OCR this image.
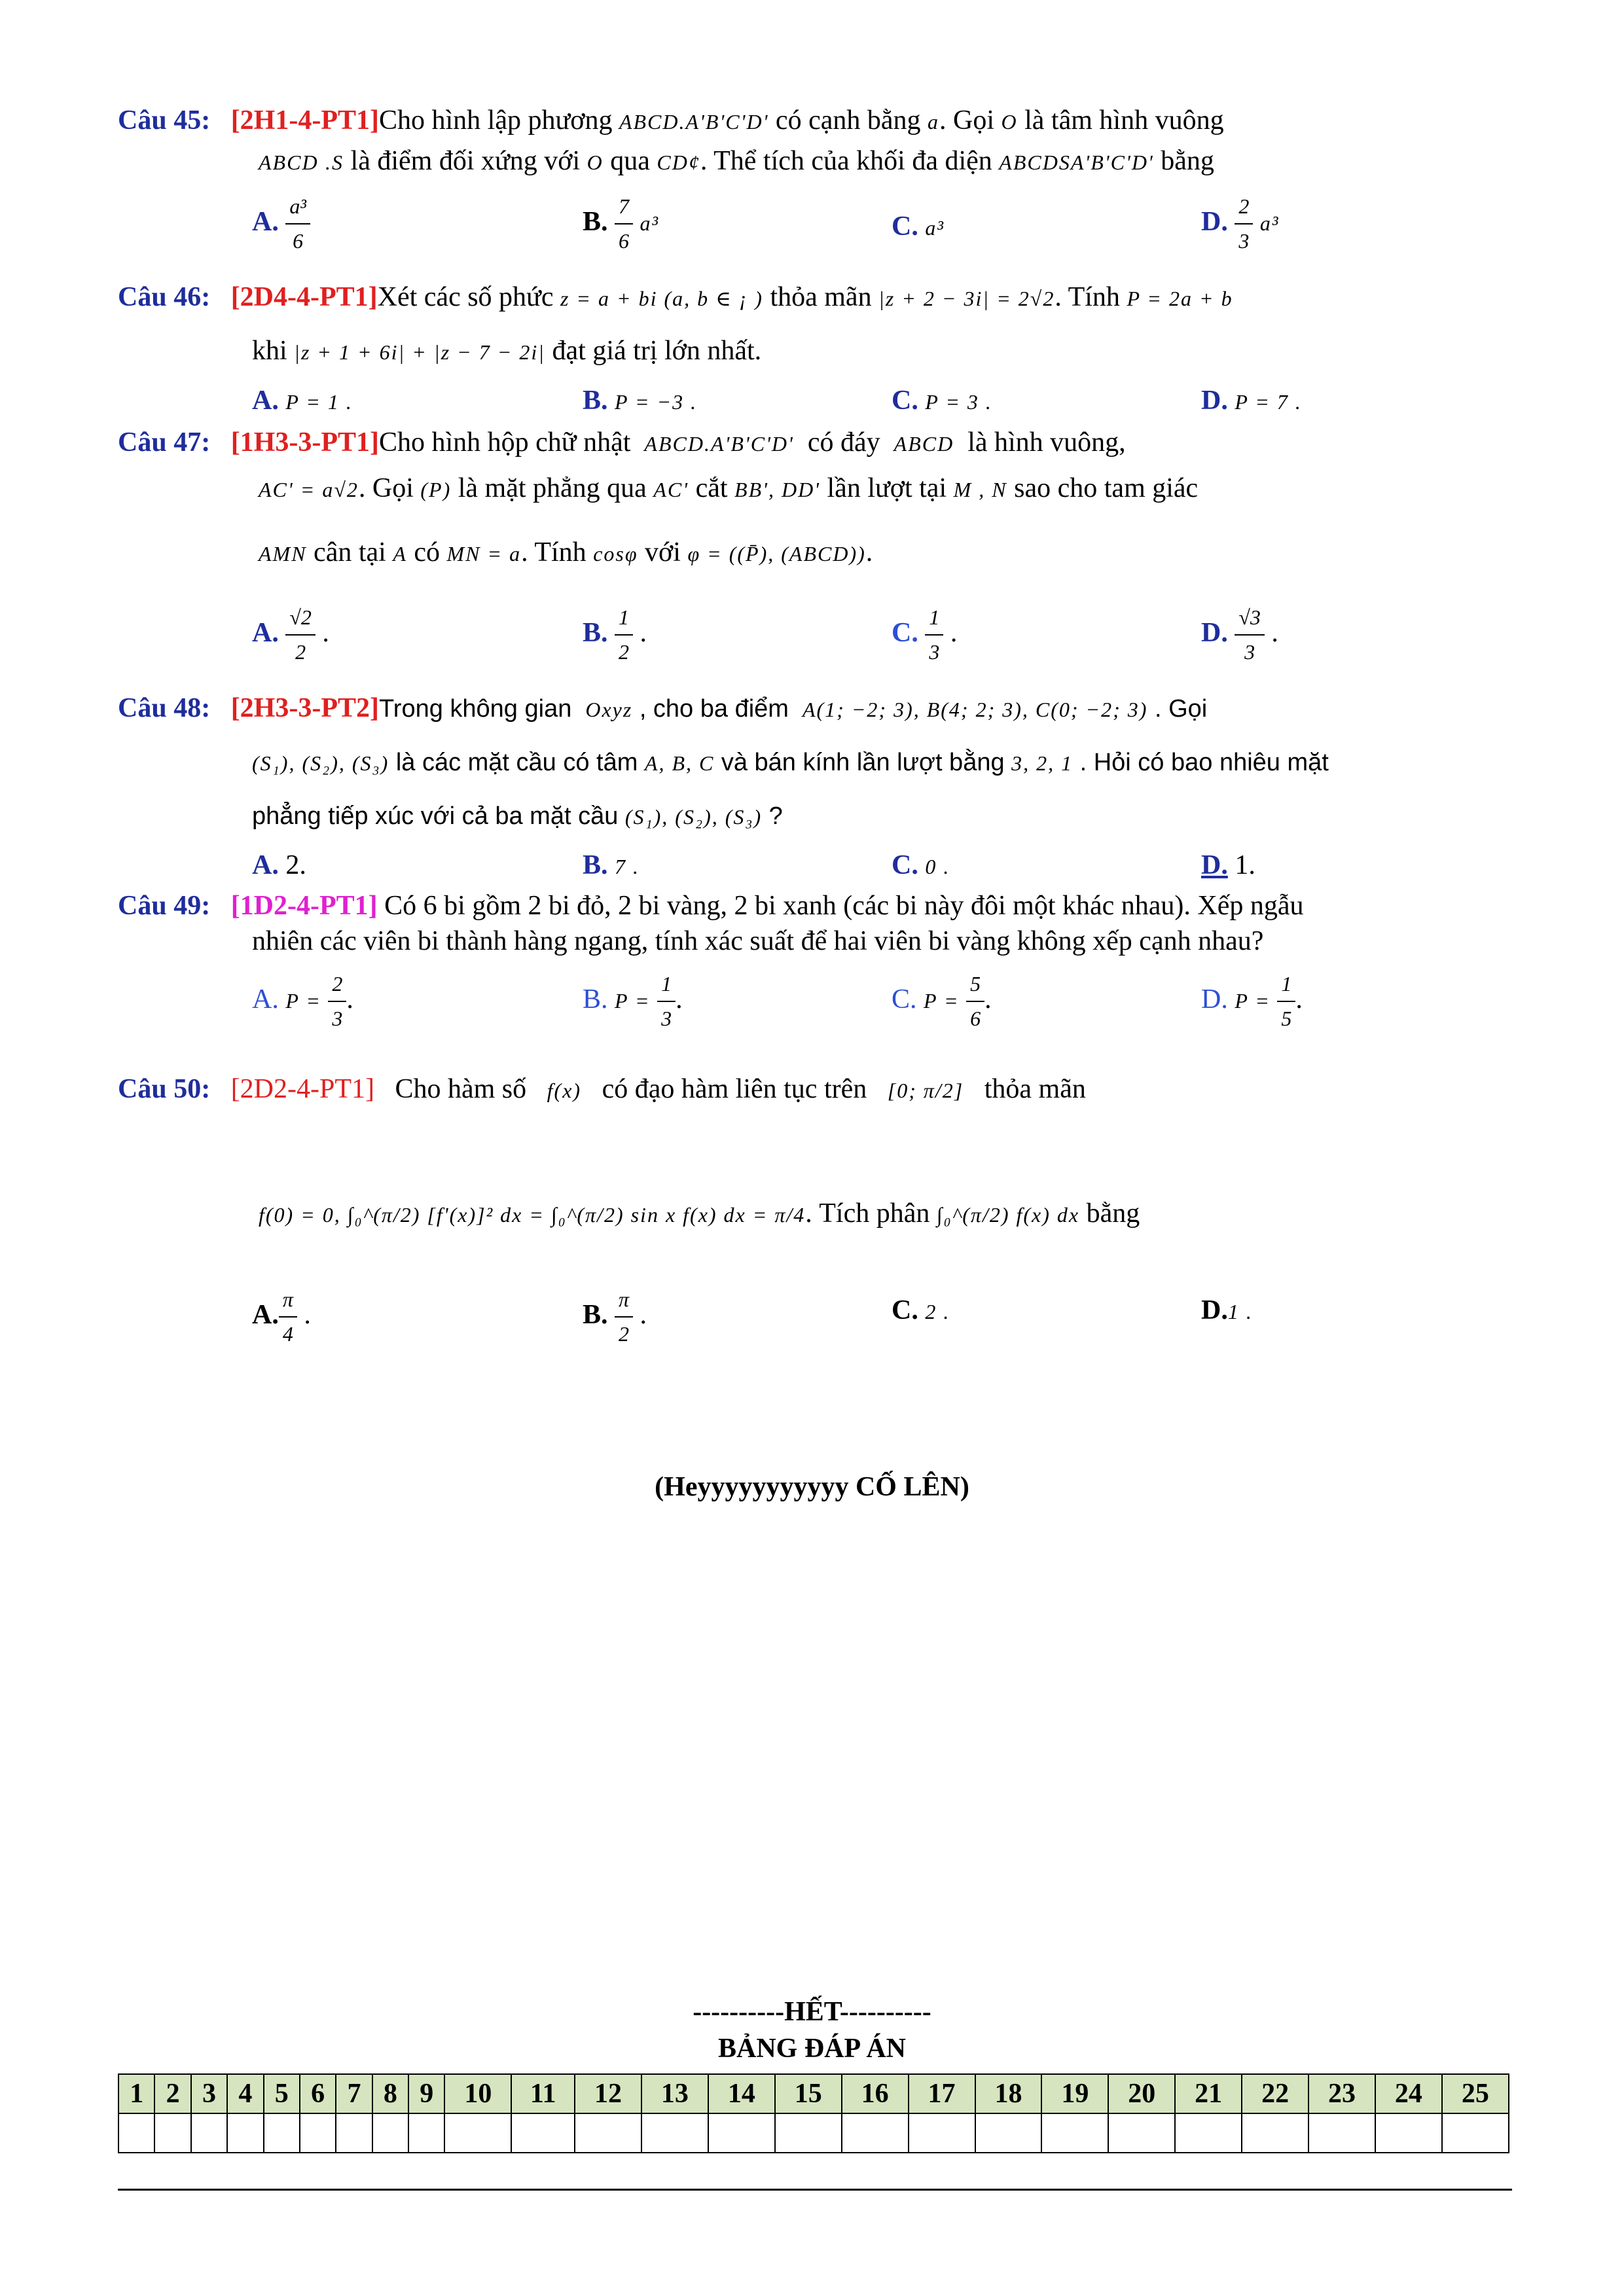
Câu 45: [2H1-4-PT1]Cho hình lập phương ABCD.A'B'C'D' có cạnh bằng a. Gọi O là tâm hình vuông
ABCD .S là điểm đối xứng với O qua CD¢. Thể tích của khối đa diện ABCDSA'B'C'D' bằng
A. $\frac{\text{a³}}{6}$	B. $\frac{7}{6} a^3$	C. a³	D. $\frac{2}{3} a^3$
Câu 46: [2D4-4-PT1]Xét các số phức z = a + bi (a, b ∈ ¡ ) thỏa mãn |z + 2 − 3i| = 2√2. Tính P = 2a + b
khi |z + 1 + 6i| + |z − 7 − 2i| đạt giá trị lớn nhất.
A. P = 1 .	B. P = −3 .	C. P = 3 .	D. P = 7 .
Câu 47: [1H3-3-PT1]Cho hình hộp chữ nhật ABCD.A'B'C'D' có đáy ABCD là hình vuông,
AC' = a√2. Gọi (P) là mặt phẳng qua AC' cắt BB', DD' lần lượt tại M , N sao cho tam giác
AMN cân tại A có MN = a. Tính cosφ với φ = ((P̄), (ABCD)).
A. $\frac{√2}{2}$ .	B. $\frac{1}{2}$ .	C. $\frac{1}{3}$ .	D. $\frac{√3}{3}$ .
Câu 48: [2H3-3-PT2]Trong không gian Oxyz , cho ba điểm A(1; −2; 3), B(4; 2; 3), C(0; −2; 3) . Gọi
(S₁), (S₂), (S₃) là các mặt cầu có tâm A, B, C và bán kính lần lượt bằng 3, 2, 1 . Hỏi có bao nhiêu mặt
phẳng tiếp xúc với cả ba mặt cầu (S₁), (S₂), (S₃) ?
A. 2.	B. 7 .	C. 0 .	D. 1.
Câu 49: [1D2-4-PT1] Có 6 bi gồm 2 bi đỏ, 2 bi vàng, 2 bi xanh (các bi này đôi một khác nhau). Xếp ngẫu
nhiên các viên bi thành hàng ngang, tính xác suất để hai viên bi vàng không xếp cạnh nhau?
A. $P = \frac{2}{3}$ .	B. $P = \frac{1}{3}$ .	C. $P = \frac{5}{6}$ .	D. $P = \frac{1}{5}$ .
Câu 50: [2D2-4-PT1] Cho hàm số f(x) có đạo hàm liên tục trên [0; π/2] thỏa mãn
f(0) = 0, ∫₀^(π/2) [f'(x)]² dx = ∫₀^(π/2) sin x f(x) dx = π/4. Tích phân ∫₀^(π/2) f(x) dx bằng
A. $\frac{\pi}{4}$ .	B. $\frac{\pi}{2}$ .	C. 2 .	D.1 .
(Heyyyyyyyyyyy CỐ LÊN)
----------HẾT----------
BẢNG ĐÁP ÁN
1	2	3	4	5	6	7	8	9	10	11	12	13	14	15	16	17	18	19	20	21	22	23	24	25
